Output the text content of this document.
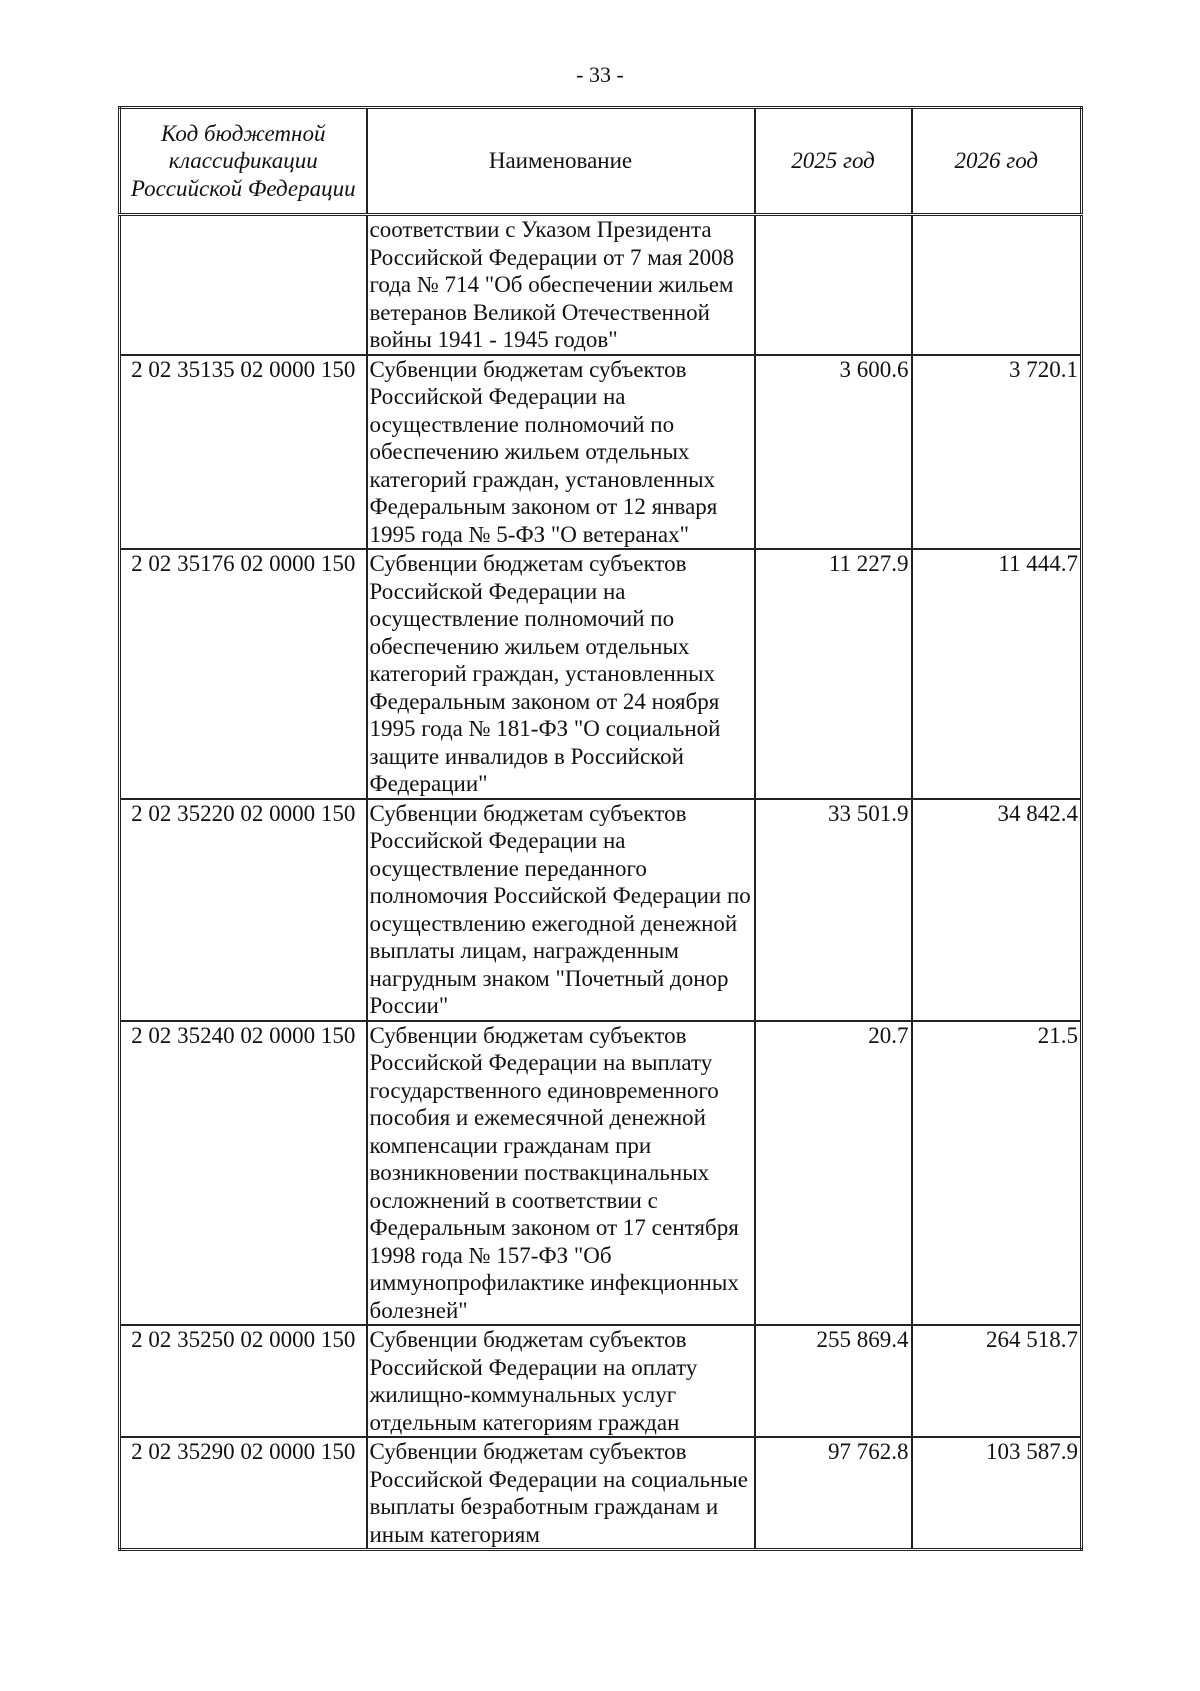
- 33 -
Код бюджетной классификации Российской Федерации	Наименование	2025 год	2026 год
	соответствии с Указом Президента Российской Федерации от 7 мая 2008 года № 714 "Об обеспечении жильем ветеранов Великой Отечественной войны 1941 - 1945 годов"		
2 02 35135 02 0000 150	Субвенции бюджетам субъектов Российской Федерации на осуществление полномочий по обеспечению жильем отдельных категорий граждан, установленных Федеральным законом от 12 января 1995 года № 5-ФЗ "О ветеранах"	3 600.6	3 720.1
2 02 35176 02 0000 150	Субвенции бюджетам субъектов Российской Федерации на осуществление полномочий по обеспечению жильем отдельных категорий граждан, установленных Федеральным законом от 24 ноября 1995 года № 181-ФЗ "О социальной защите инвалидов в Российской Федерации"	11 227.9	11 444.7
2 02 35220 02 0000 150	Субвенции бюджетам субъектов Российской Федерации на осуществление переданного полномочия Российской Федерации по осуществлению ежегодной денежной выплаты лицам, награжденным нагрудным знаком "Почетный донор России"	33 501.9	34 842.4
2 02 35240 02 0000 150	Субвенции бюджетам субъектов Российской Федерации на выплату государственного единовременного пособия и ежемесячной денежной компенсации гражданам при возникновении поствакцинальных осложнений в соответствии с Федеральным законом от 17 сентября 1998 года № 157-ФЗ "Об иммунопрофилактике инфекционных болезней"	20.7	21.5
2 02 35250 02 0000 150	Субвенции бюджетам субъектов Российской Федерации на оплату жилищно-коммунальных услуг отдельным категориям граждан	255 869.4	264 518.7
2 02 35290 02 0000 150	Субвенции бюджетам субъектов Российской Федерации на социальные выплаты безработным гражданам и иным категориям	97 762.8	103 587.9
